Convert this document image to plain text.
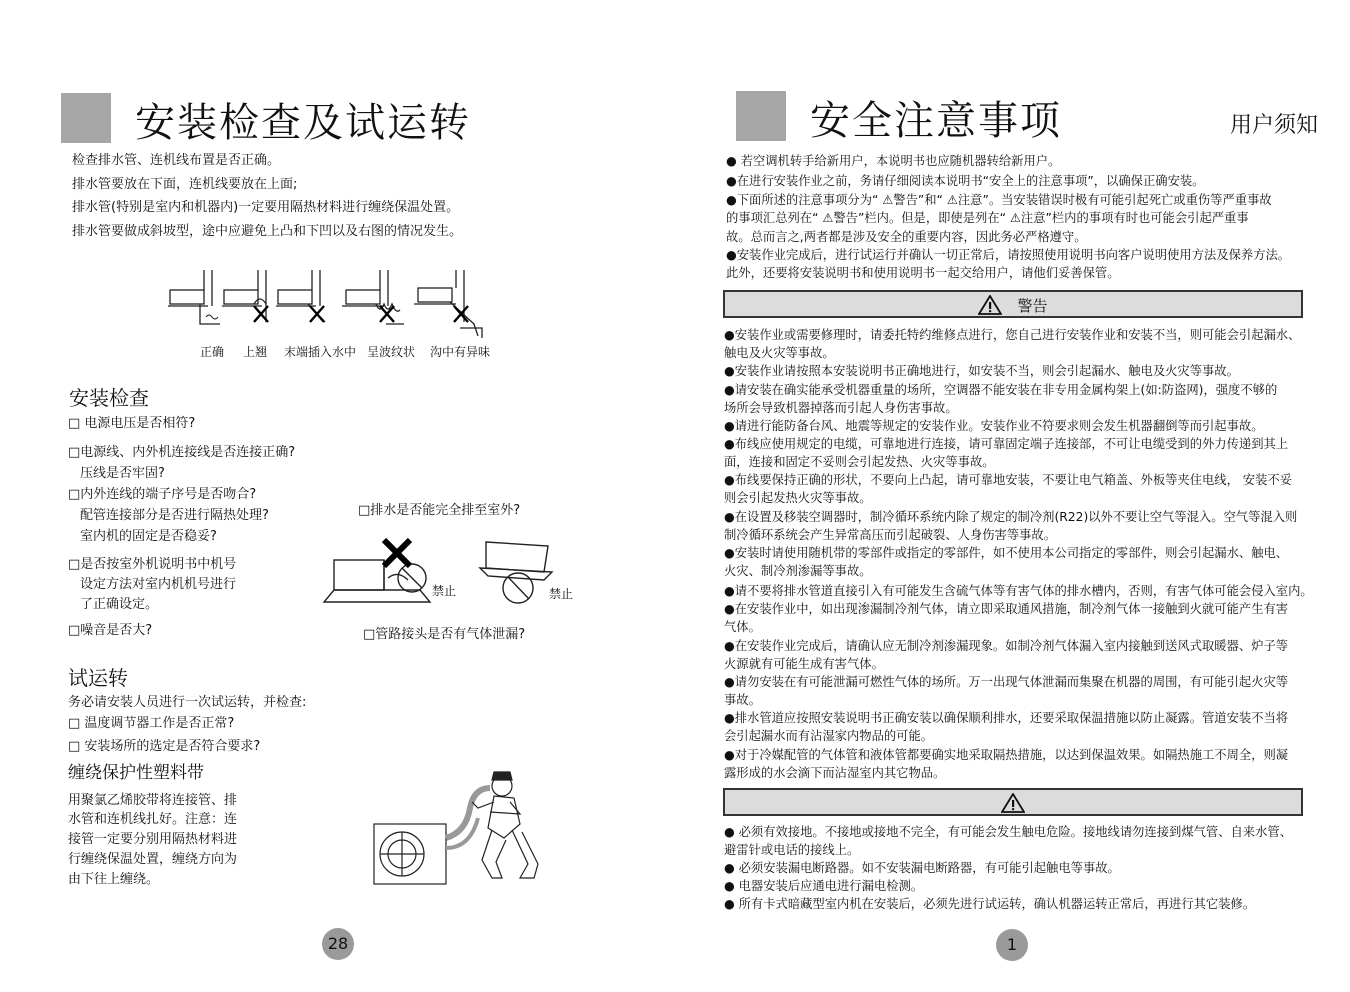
安装检查及试运转
检查排水管、连机线布置是否正确。
排水管要放在下面，连机线要放在上面;
排水管(特别是室内和机器内)一定要用隔热材料进行缠绕保温处置。
排水管要做成斜坡型，途中应避免上凸和下凹以及右图的情况发生。
正确 上翘 末端插入水中 呈波纹状 沟中有异味
安装检查
□ 电源电压是否相符?
□电源线、内外机连接线是否连接正确?
压线是否牢固?
□内外连线的端子序号是否吻合?
配管连接部分是否进行隔热处理?
室内机的固定是否稳妥?
□是否按室外机说明书中机号
设定方法对室内机机号进行
了正确设定。
□噪音是否大?
□排水是否能完全排至室外?
禁止	禁止
□管路接头是否有气体泄漏?
试运转
务必请安装人员进行一次试运转，并检查:
□ 温度调节器工作是否正常?
□ 安装场所的选定是否符合要求?
缠绕保护性塑料带
用聚氯乙烯胶带将连接管、排
水管和连机线扎好。注意：连
接管一定要分别用隔热材料进
行缠绕保温处置，缠绕方向为
由下往上缠绕。
28
安全注意事项	用户须知
● 若空调机转手给新用户，本说明书也应随机器转给新用户。
●在进行安装作业之前，务请仔细阅读本说明书“安全上的注意事项”，以确保正确安装。
●下面所述的注意事项分为“ ⚠警告”和“ ⚠注意”。当安装错误时极有可能引起死亡或重伤等严重事故
的事项汇总列在“ ⚠警告”栏内。但是，即使是列在“ ⚠注意”栏内的事项有时也可能会引起严重事
故。总而言之,两者都是涉及安全的重要内容，因此务必严格遵守。
●安装作业完成后，进行试运行并确认一切正常后，请按照使用说明书向客户说明使用方法及保养方法。
此外，还要将安装说明书和使用说明书一起交给用户，请他们妥善保管。
警告
●安装作业或需要修理时，请委托特约维修点进行，您自己进行安装作业和安装不当，则可能会引起漏水、
触电及火灾等事故。
●安装作业请按照本安装说明书正确地进行，如安装不当，则会引起漏水、触电及火灾等事故。
●请安装在确实能承受机器重量的场所，空调器不能安装在非专用金属构架上(如:防盗网)，强度不够的
场所会导致机器掉落而引起人身伤害事故。
●请进行能防备台风、地震等规定的安装作业。安装作业不符要求则会发生机器翻倒等而引起事故。
●布线应使用规定的电缆，可靠地进行连接，请可靠固定端子连接部，不可让电缆受到的外力传递到其上
面，连接和固定不妥则会引起发热、火灾等事故。
●布线要保持正确的形状，不要向上凸起，请可靠地安装，不要让电气箱盖、外板等夹住电线， 安装不妥
则会引起发热火灾等事故。
●在设置及移装空调器时，制冷循环系统内除了规定的制冷剂(R22)以外不要让空气等混入。空气等混入则
制冷循环系统会产生异常高压而引起破裂、人身伤害等事故。
●安装时请使用随机带的零部件或指定的零部件，如不使用本公司指定的零部件，则会引起漏水、触电、
火灾、制冷剂渗漏等事故。
●请不要将排水管道直接引入有可能发生含硫气体等有害气体的排水槽内，否则，有害气体可能会侵入室内。
●在安装作业中，如出现渗漏制冷剂气体，请立即采取通风措施，制冷剂气体一接触到火就可能产生有害
气体。
●在安装作业完成后，请确认应无制冷剂渗漏现象。如制冷剂气体漏入室内接触到送风式取暖器、炉子等
火源就有可能生成有害气体。
●请勿安装在有可能泄漏可燃性气体的场所。万一出现气体泄漏而集聚在机器的周围，有可能引起火灾等
事故。
●排水管道应按照安装说明书正确安装以确保顺利排水，还要采取保温措施以防止凝露。管道安装不当将
会引起漏水而有沾湿家内物品的可能。
●对于冷媒配管的气体管和液体管都要确实地采取隔热措施，以达到保温效果。如隔热施工不周全，则凝
露形成的水会滴下而沾湿室内其它物品。
● 必须有效接地。不接地或接地不完全，有可能会发生触电危险。接地线请勿连接到煤气管、自来水管、
避雷针或电话的接线上。
● 必须安装漏电断路器。如不安装漏电断路器，有可能引起触电等事故。
● 电器安装后应通电进行漏电检测。
● 所有卡式暗藏型室内机在安装后，必须先进行试运转，确认机器运转正常后，再进行其它装修。
1
